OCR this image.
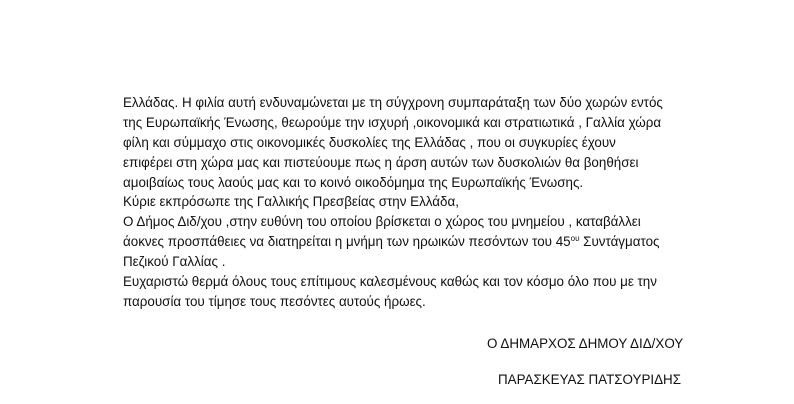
Ελλάδας. Η φιλία αυτή ενδυναμώνεται με τη σύγχρονη συμπαράταξη των δύο χωρών εντός
της Ευρωπαϊκής Ένωσης, θεωρούμε την ισχυρή ,οικονομικά και στρατιωτικά , Γαλλία χώρα
φίλη και σύμμαχο στις οικονομικές δυσκολίες της Ελλάδας , που οι συγκυρίες έχουν
επιφέρει στη χώρα μας και πιστεύουμε πως η άρση αυτών των δυσκολιών θα βοηθήσει
αμοιβαίως τους λαούς μας και το κοινό οικοδόμημα της Ευρωπαϊκής Ένωσης.
Κύριε εκπρόσωπε της Γαλλικής Πρεσβείας στην Ελλάδα,
Ο Δήμος Διδ/χου ,στην ευθύνη του οποίου βρίσκεται ο χώρος του μνημείου , καταβάλλει
άοκνες προσπάθειες να διατηρείται η μνήμη των ηρωικών πεσόντων του $45^{o\upsilon}$ Συντάγματος
Πεζικού Γαλλίας .
Ευχαριστώ θερμά όλους τους επίτιμους καλεσμένους καθώς και τον κόσμο όλο που με την
παρουσία του τίμησε τους πεσόντες αυτούς ήρωες.
Ο ΔΗΜΑΡΧΟΣ ΔΗΜΟΥ ΔΙΔ/ΧΟΥ
ΠΑΡΑΣΚΕΥΑΣ ΠΑΤΣΟΥΡΙΔΗΣ
